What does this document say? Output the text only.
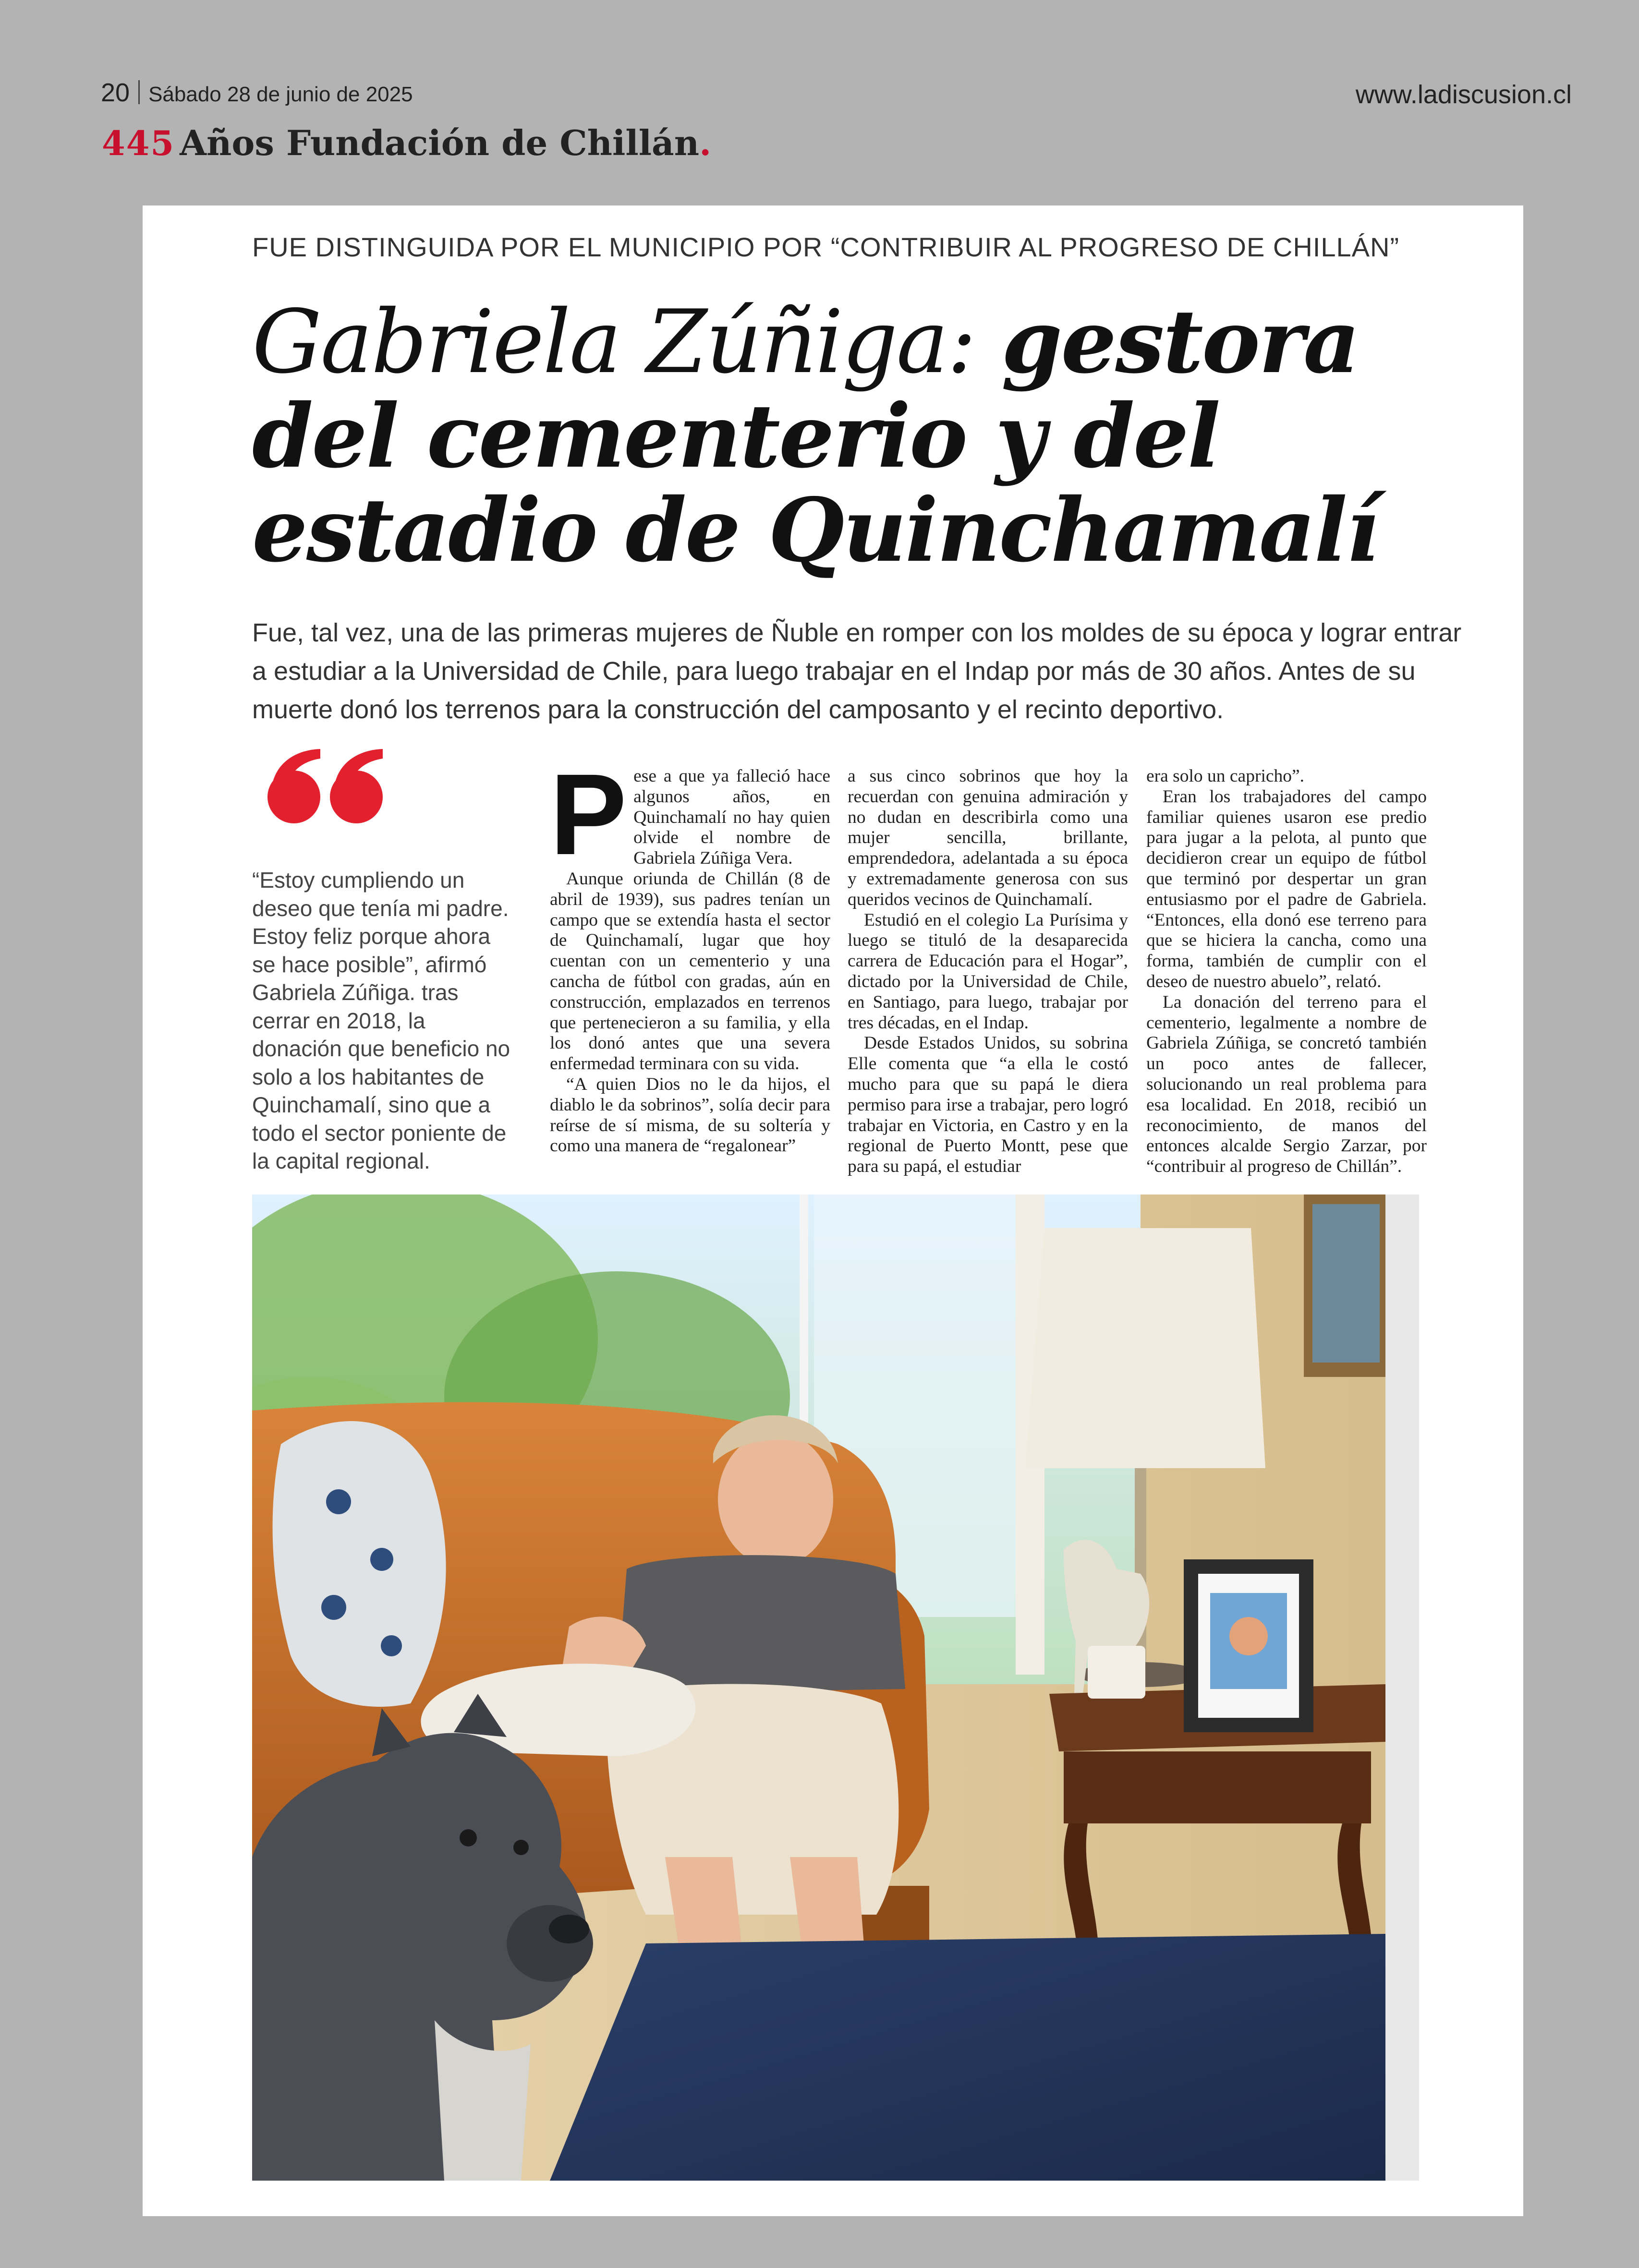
20 Sábado 28 de junio de 2025	www.ladiscusion.cl
445 Años Fundación de Chillán.
FUE DISTINGUIDA POR EL MUNICIPIO POR “CONTRIBUIR AL PROGRESO DE CHILLÁN”
Gabriela Zúñiga: gestora del cementerio y del estadio de Quinchamalí

Fue, tal vez, una de las primeras mujeres de Ñuble en romper con los moldes de su época y lograr entrar a estudiar a la Universidad de Chile, para luego trabajar en el Indap por más de 30 años. Antes de su muerte donó los terrenos para la construcción del camposanto y el recinto deportivo.

“Estoy cumpliendo un deseo que tenía mi padre. Estoy feliz porque ahora se hace posible”, afirmó Gabriela Zúñiga. tras cerrar en 2018, la donación que beneficio no solo a los habitantes de Quinchamalí, sino que a todo el sector poniente de la capital regional.

Pese a que ya falleció hace algunos años, en Quinchamalí no hay quien olvide el nombre de Gabriela Zúñiga Vera.

Aunque oriunda de Chillán (8 de abril de 1939), sus padres tenían un campo que se extendía hasta el sector de Quinchamalí, lugar que hoy cuentan con un cementerio y una cancha de fútbol con gradas, aún en construcción, emplazados en terrenos que pertenecieron a su familia, y ella los donó antes que una severa enfermedad terminara con su vida.

“A quien Dios no le da hijos, el diablo le da sobrinos”, solía decir para reírse de sí misma, de su soltería y como una manera de “regalonear”

a sus cinco sobrinos que hoy la recuerdan con genuina admiración y no dudan en describirla como una mujer sencilla, brillante, emprendedora, adelantada a su época y extremadamente generosa con sus queridos vecinos de Quinchamalí.

Estudió en el colegio La Purísima y luego se tituló de la desaparecida carrera de Educación para el Hogar”, dictado por la Universidad de Chile, en Santiago, para luego, trabajar por tres décadas, en el Indap.

Desde Estados Unidos, su sobrina Elle comenta que “a ella le costó mucho para que su papá le diera permiso para irse a trabajar, pero logró trabajar en Victoria, en Castro y en la regional de Puerto Montt, pese que para su papá, el estudiar

era solo un capricho”.

Eran los trabajadores del campo familiar quienes usaron ese predio para jugar a la pelota, al punto que decidieron crear un equipo de fútbol que terminó por despertar un gran entusiasmo por el padre de Gabriela. “Entonces, ella donó ese terreno para que se hiciera la cancha, como una forma, también de cumplir con el deseo de nuestro abuelo”, relató.

La donación del terreno para el cementerio, legalmente a nombre de Gabriela Zúñiga, se concretó también un poco antes de fallecer, solucionando un real problema para esa localidad. En 2018, recibió un reconocimiento, de manos del entonces alcalde Sergio Zarzar, por “contribuir al progreso de Chillán”.
